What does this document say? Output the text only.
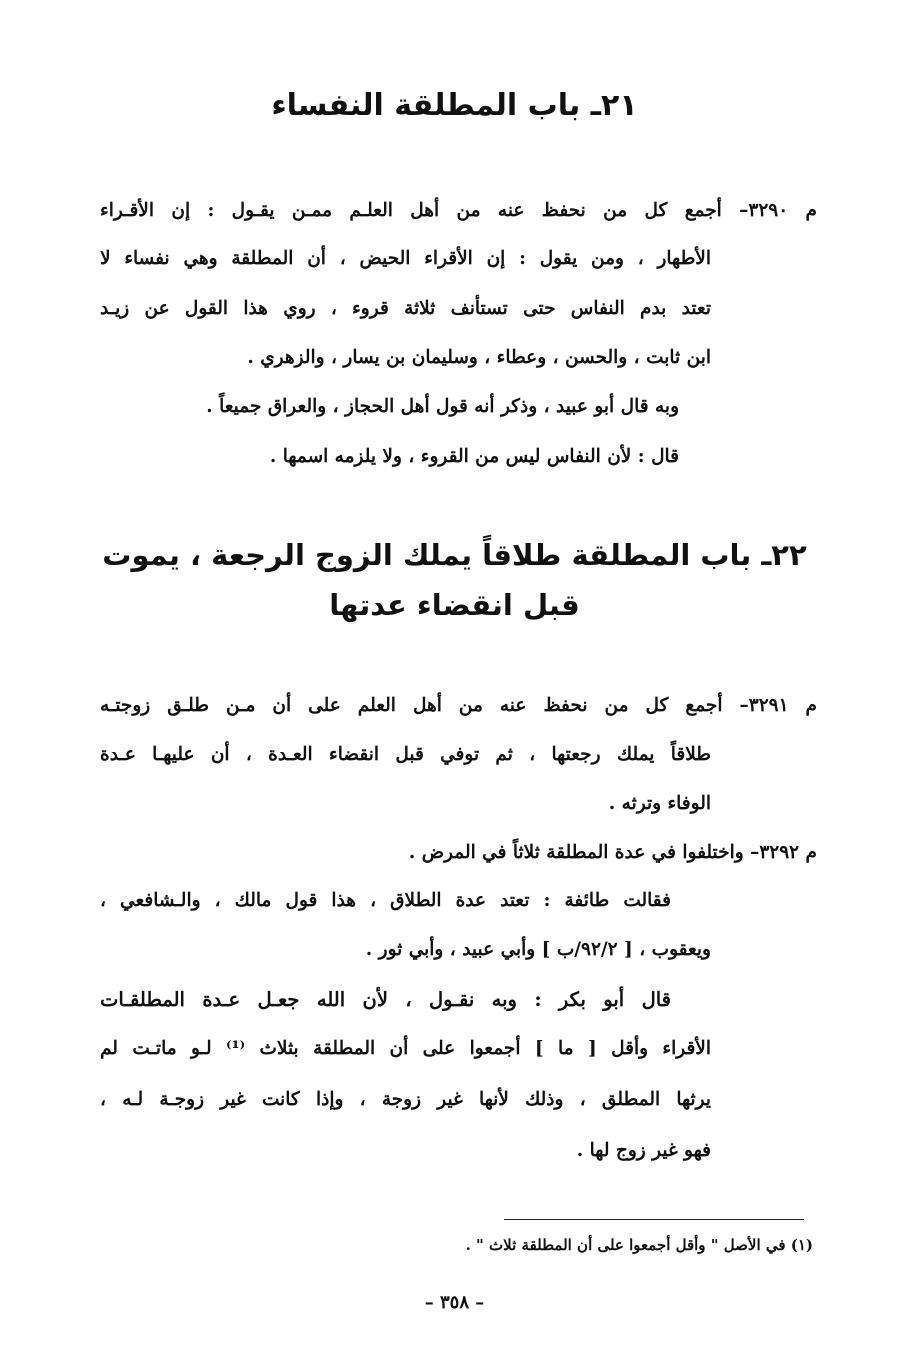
٢١ـ باب المطلقة النفساء
م ٣٢٩٠– أجمع كل من نحفظ عنه من أهل العلـم ممـن يقـول : إن الأقـراء
الأطهار ، ومن يقول : إن الأقراء الحيض ، أن المطلقة وهي نفساء لا
تعتد بدم النفاس حتى تستأنف ثلاثة قروء ، روي هذا القول عن زيـد
ابن ثابت ، والحسن ، وعطاء ، وسليمان بن يسار ، والزهري .
وبه قال أبو عبيد ، وذكر أنه قول أهل الحجاز ، والعراق جميعاً .
قال : لأن النفاس ليس من القروء ، ولا يلزمه اسمها .
٢٢ـ باب المطلقة طلاقاً يملك الزوج الرجعة ، يموت
قبل انقضاء عدتها
م ٣٢٩١– أجمع كل من نحفظ عنه من أهل العلم على أن مـن طلـق زوجتـه
طلاقاً يملك رجعتها ، ثم توفي قبل انقضاء العـدة ، أن عليهـا عـدة
الوفاء وترثه .
م ٣٢٩٢– واختلفوا في عدة المطلقة ثلاثاً في المرض .
فقالت طائفة : تعتد عدة الطلاق ، هذا قول مالك ، والـشافعي ،
ويعقوب ، [ ٩٢/٢/ب ] وأبي عبيد ، وأبي ثور .
قال أبو بكر : وبه نقـول ، لأن الله جعـل عـدة المطلقـات
الأقراء وأقل [ ما ] أجمعوا على أن المطلقة بثلاث ⁽¹⁾ لـو ماتـت لم
يرثها المطلق ، وذلك لأنها غير زوجة ، وإذا كانت غير زوجـة لـه ،
فهو غير زوج لها .
(١) في الأصل " وأقل أجمعوا على أن المطلقة ثلاث " .
– ٣٥٨ –
